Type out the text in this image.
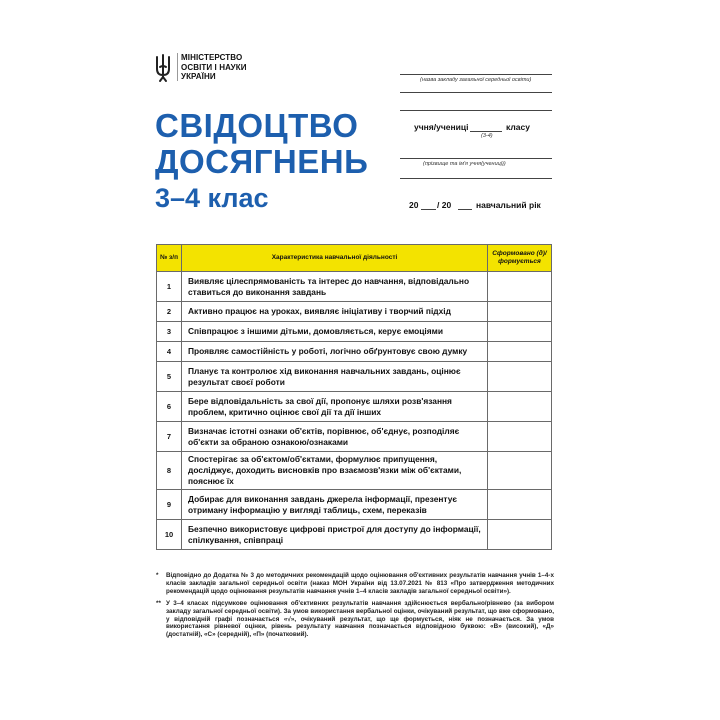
МІНІСТЕРСТВО
ОСВІТИ І НАУКИ
УКРАЇНИ
СВІДОЦТВО
ДОСЯГНЕНЬ
3–4 клас
(назва закладу загальної середньої освіти)
учня/учениці	класу
(3-4)
(прізвище та ім'я учня(учениці))
20 / 20	навчальний рік
№ з/п	Характеристика навчальної діяльності	Сформовано (д)/ формується
1	Виявляє цілеспрямованість та інтерес до навчання, відповідально ставиться до виконання завдань	
2	Активно працює на уроках, виявляє ініціативу і творчий підхід	
3	Співпрацює з іншими дітьми, домовляється, керує емоціями	
4	Проявляє самостійність у роботі, логічно обґрунтовує свою думку	
5	Планує та контролює хід виконання навчальних завдань, оцінює результат своєї роботи	
6	Бере відповідальність за свої дії, пропонує шляхи розв'язання проблем, критично оцінює свої дії та дії інших	
7	Визначає істотні ознаки об'єктів, порівнює, об'єднує, розподіляє об'єкти за обраною ознакою/ознаками	
8	Спостерігає за об'єктом/об'єктами, формулює припущення, досліджує, доходить висновків про взаємозв'язки між об'єктами, пояснює їх	
9	Добирає для виконання завдань джерела інформації, презентує отриману інформацію у вигляді таблиць, схем, переказів	
10	Безпечно використовує цифрові пристрої для доступу до інформації, спілкування, співпраці	
*	Відповідно до Додатка № 3 до методичних рекомендацій щодо оцінювання об'єктивних результатів навчання учнів 1–4-х класів закладів загальної середньої освіти (наказ МОН України від 13.07.2021 № 813 «Про затвердження методичних рекомендацій щодо оцінювання результатів навчання учнів 1–4 класів закладів загальної середньої освіти»).
** У 3–4 класах підсумкове оцінювання об'єктивних результатів навчання здійснюється вербально/рівнево (за вибором закладу загальної середньої освіти). За умов використання вербальної оцінки, очікуваний результат, що вже сформовано, у відповідній графі позначається «√», очікуваний результат, що ще формується, ніяк не позначається. За умов використання рівневої оцінки, рівень результату навчання позначається відповідною буквою: «В» (високий), «Д» (достатній), «С» (середній), «П» (початковий).
